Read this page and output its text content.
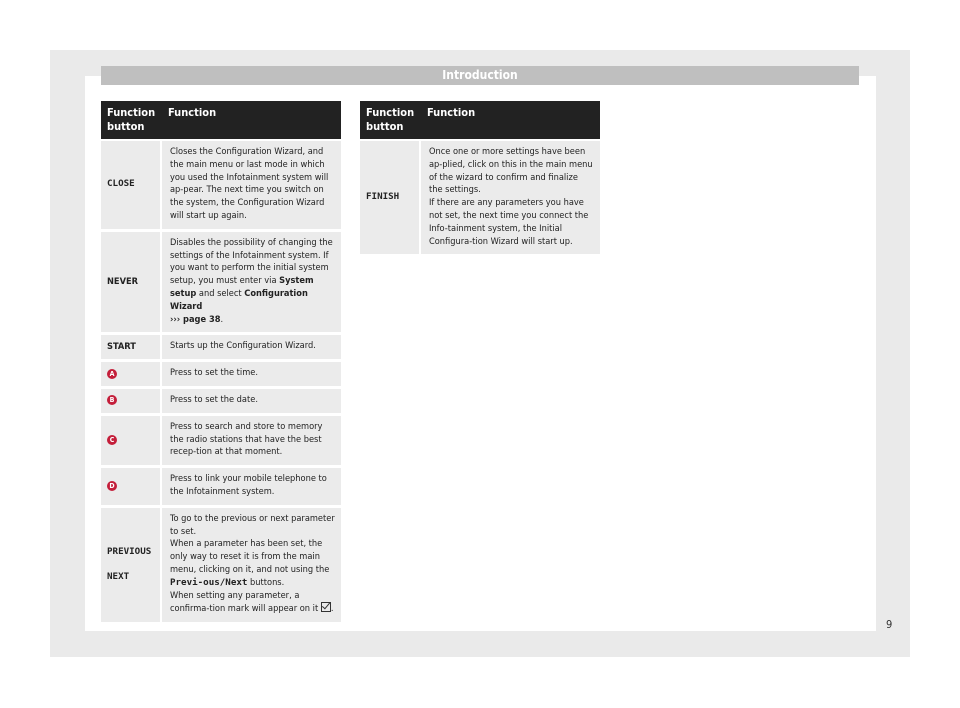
Introduction
Function
button	Function
CLOSE	Closes the Configuration Wizard, and the main menu or last mode in which you used the Infotainment system will ap-pear. The next time you switch on the system, the Configuration Wizard will start up again.
NEVER	Disables the possibility of changing the settings of the Infotainment system. If you want to perform the initial system setup, you must enter via System setup and select Configuration Wizard
››› page 38.
START	Starts up the Configuration Wizard.
A	Press to set the time.
B	Press to set the date.
C	Press to search and store to memory the radio stations that have the best recep-tion at that moment.
D	Press to link your mobile telephone to the Infotainment system.
PREVIOUS

NEXT	To go to the previous or next parameter to set.
When a parameter has been set, the only way to reset it is from the main menu, clicking on it, and not using the Previ-ous/Next buttons.
When setting any parameter, a confirma-tion mark will appear on it .
Function
button	Function
FINISH	Once one or more settings have been ap-plied, click on this in the main menu of the wizard to confirm and finalize the settings.
If there are any parameters you have not set, the next time you connect the Info-tainment system, the Initial Configura-tion Wizard will start up.
9
